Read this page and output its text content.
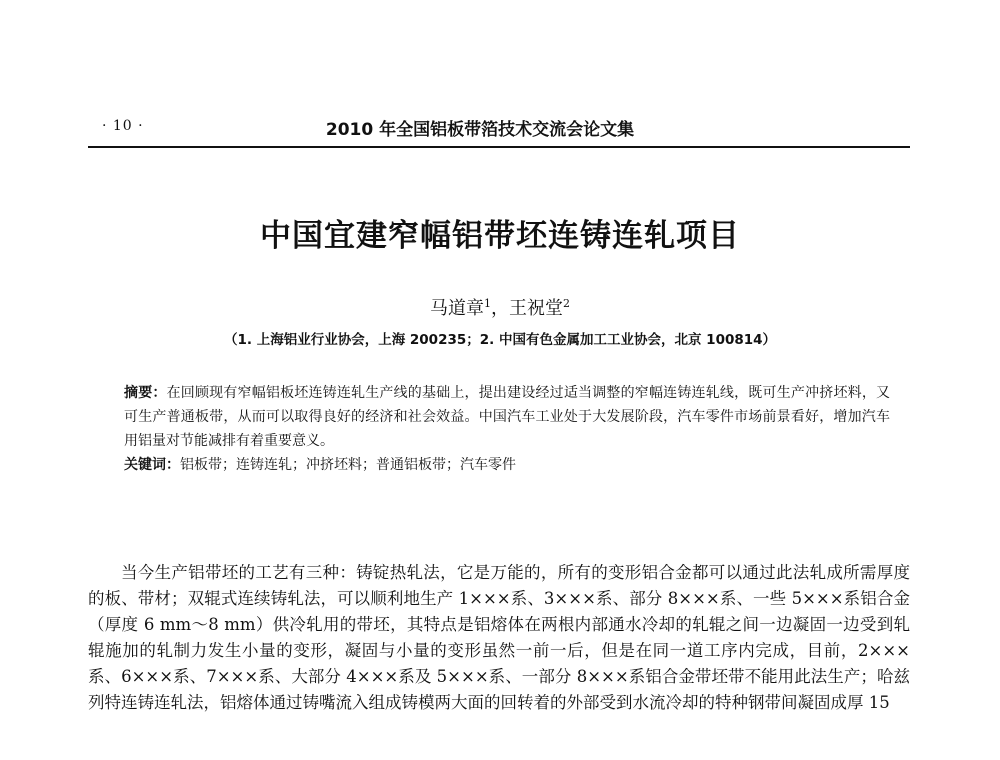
· 10 ·	2010 年全国铝板带箔技术交流会论文集
中国宜建窄幅铝带坯连铸连轧项目
马道章$^1$，王祝堂$^2$
（1. 上海铝业行业协会，上海 200235；2. 中国有色金属加工工业协会，北京 100814）

摘要：在回顾现有窄幅铝板坯连铸连轧生产线的基础上，提出建设经过适当调整的窄幅连铸连轧线，既可生产冲挤坯料，又可生产普通板带，从而可以取得良好的经济和社会效益。中国汽车工业处于大发展阶段，汽车零件市场前景看好，增加汽车用铝量对节能减排有着重要意义。

关键词：铝板带；连铸连轧；冲挤坯料；普通铝板带；汽车零件

当今生产铝带坯的工艺有三种：铸锭热轧法，它是万能的，所有的变形铝合金都可以通过此法轧成所需厚度的板、带材；双辊式连续铸轧法，可以顺利地生产 1×××系、3×××系、部分 8×××系、一些 5×××系铝合金（厚度 6 mm～8 mm）供冷轧用的带坯，其特点是铝熔体在两根内部通水冷却的轧辊之间一边凝固一边受到轧辊施加的轧制力发生小量的变形，凝固与小量的变形虽然一前一后，但是在同一道工序内完成，目前，2×××系、6×××系、7×××系、大部分 4×××系及 5×××系、一部分 8×××系铝合金带坯带不能用此法生产；哈兹列特连铸连轧法，铝熔体通过铸嘴流入组成铸模两大面的回转着的外部受到水流冷却的特种钢带间凝固成厚 15
